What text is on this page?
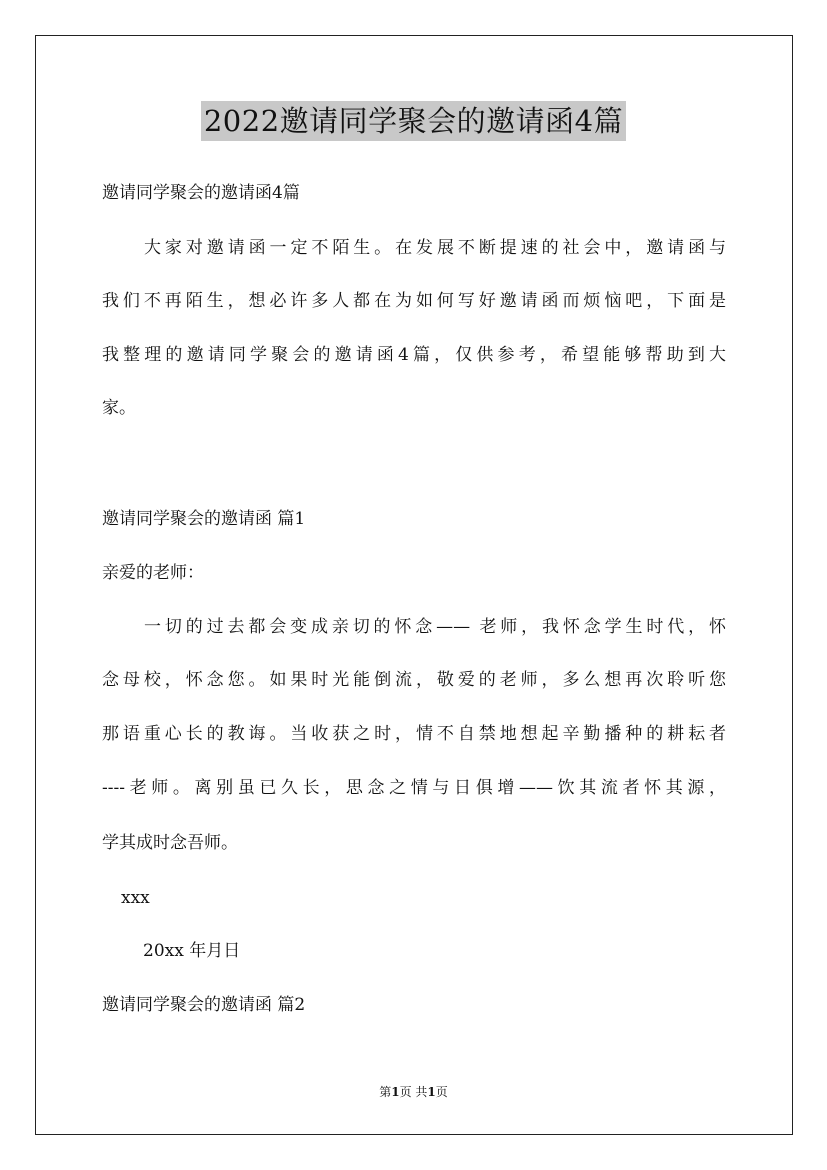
2022邀请同学聚会的邀请函4篇
邀请同学聚会的邀请函4篇
大家对邀请函一定不陌生。在发展不断提速的社会中，邀请函与
我们不再陌生，想必许多人都在为如何写好邀请函而烦恼吧，下面是
我整理的邀请同学聚会的邀请函4篇，仅供参考，希望能够帮助到大
家。
邀请同学聚会的邀请函 篇1
亲爱的老师：
一切的过去都会变成亲切的怀念—— 老师，我怀念学生时代，怀
念母校，怀念您。如果时光能倒流，敬爱的老师，多么想再次聆听您
那语重心长的教诲。当收获之时，情不自禁地想起辛勤播种的耕耘者
----老师。离别虽已久长，思念之情与日俱增——饮其流者怀其源，
学其成时念吾师。
xxx
20xx 年月日
邀请同学聚会的邀请函 篇2
第1页 共1页
